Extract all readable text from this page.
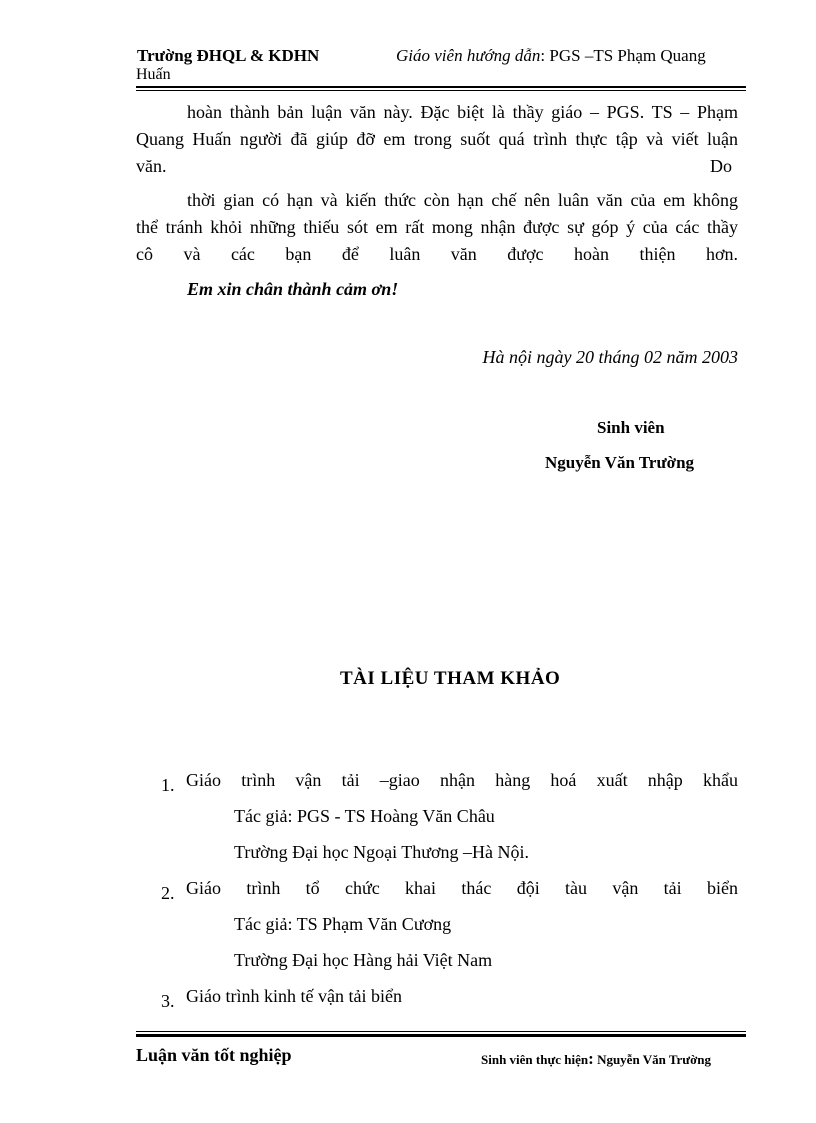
Trường ĐHQL & KDHN	Giáo viên hướng dẫn: PGS –TS Phạm Quang
Huấn
hoàn thành bản luận văn này. Đặc biệt là thầy giáo – PGS. TS – Phạm
Quang Huấn người đã giúp đỡ em trong suốt quá trình thực tập và viết luận
văn.	Do
thời gian có hạn và kiến thức còn hạn chế nên luân văn của em không
thể tránh khỏi những thiếu sót em rất mong nhận được sự góp ý của các thầy
cô và các bạn để luân văn được hoàn thiện hơn.
Em xin chân thành cảm ơn!
Hà nội ngày 20 tháng 02 năm 2003
Sinh viên
Nguyễn Văn Trường
TÀI LIỆU THAM KHẢO
1. Giáo trình vận tải –giao nhận hàng hoá xuất nhập khẩu
Tác giả: PGS - TS Hoàng Văn Châu
Trường Đại học Ngoại Thương –Hà Nội.
2. Giáo trình tổ chức khai thác đội tàu vận tải biển
Tác giả: TS Phạm Văn Cương
Trường Đại học Hàng hải Việt Nam
3. Giáo trình kinh tế vận tải biển
Luận văn tốt nghiệp	Sinh viên thực hiện: Nguyễn Văn Trường
